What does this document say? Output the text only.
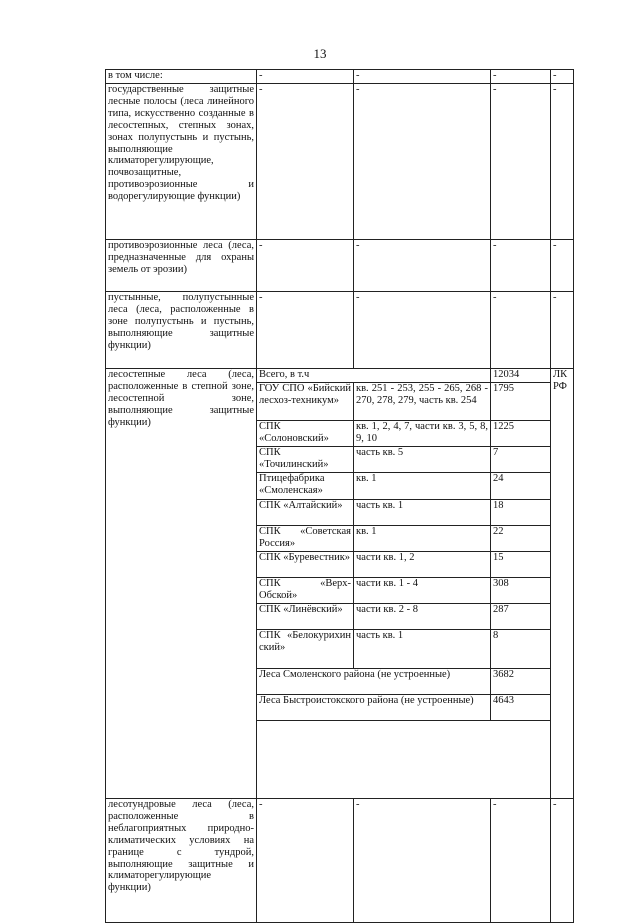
13
в том числе:	-	-	-	-
государственные защитные лесные полосы (леса линейного типа, искусственно созданные в лесостепных, степных зонах, зонах полупустынь и пустынь, выполняющие климаторегулирующие, почвозащитные, противоэрозионные и водорегулирующие функции)	-	-	-	-
противоэрозионные леса (леса, предназначенные для охраны земель от эрозии)	-	-	-	-
пустынные, полупустынные леса (леса, расположенные в зоне полупустынь и пустынь, выполняющие защитные функции)	-	-	-	-
лесостепные леса (леса, расположенные в степной зоне, лесостепной зоне, выполняющие защитные функции)	Всего, в т.ч		12034	ЛК РФ
	ГОУ СПО «Бийский лесхоз-техникум»	кв. 251 - 253, 255 - 265, 268 - 270, 278, 279, часть кв. 254	1795	
	СПК «Солоновский»	кв. 1, 2, 4, 7, части кв. 3, 5, 8, 9, 10	1225	
	СПК «Точилинский»	часть кв. 5	7	
	Птицефабрика «Смоленская»	кв. 1	24	
	СПК «Алтайский»	часть кв. 1	18	
	СПК «Советская Россия»	кв. 1	22	
	СПК «Буревестник»	части кв. 1, 2	15	
	СПК «Верх-Обской»	части кв. 1 - 4	308	
	СПК «Линёвский»	части кв. 2 - 8	287	
	СПК «Белокурихинский»	часть кв. 1	8	
	Леса Смоленского района (не устроенные)		3682	
	Леса Быстроистокского района (не устроенные)		4643	

лесотундровые леса (леса, расположенные в неблагоприятных природно-климатических условиях на границе с тундрой, выполняющие защитные и климаторегулирующие функции)	-	-	-	-
